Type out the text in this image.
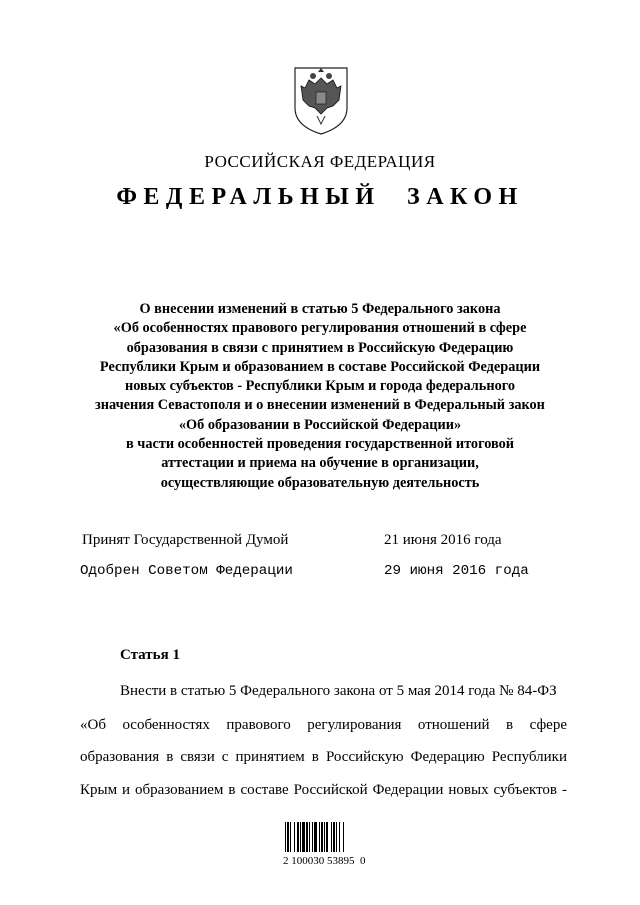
РОССИЙСКАЯ ФЕДЕРАЦИЯ
ФЕДЕРАЛЬНЫЙ ЗАКОН
О внесении изменений в статью 5 Федерального закона
«Об особенностях правового регулирования отношений в сфере
образования в связи с принятием в Российскую Федерацию
Республики Крым и образованием в составе Российской Федерации
новых субъектов - Республики Крым и города федерального
значения Севастополя и о внесении изменений в Федеральный закон
«Об образовании в Российской Федерации»
в части особенностей проведения государственной итоговой
аттестации и приема на обучение в организации,
осуществляющие образовательную деятельность
Принят Государственной Думой	21 июня 2016 года
Одобрен Советом Федерации	29 июня 2016 года
Статья 1
Внести в статью 5 Федерального закона от 5 мая 2014 года № 84-ФЗ
«Об особенностях правового регулирования отношений в сфере
образования в связи с принятием в Российскую Федерацию Республики
Крым и образованием в составе Российской Федерации новых субъектов -
2 100030 53895  0
